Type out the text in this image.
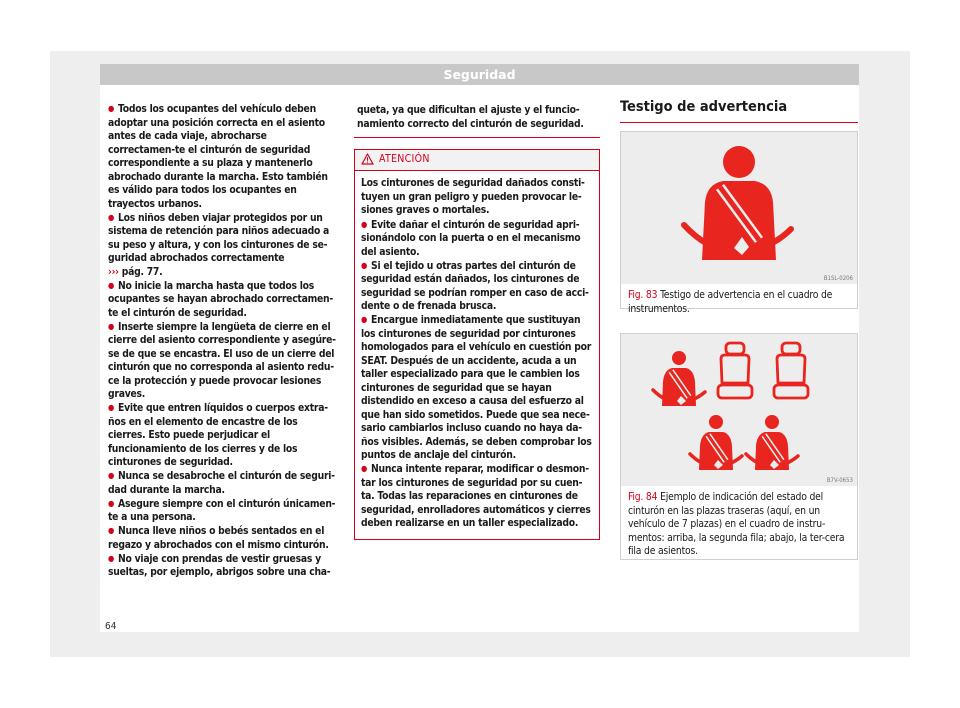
Seguridad
● Todos los ocupantes del vehículo deben adoptar una posición correcta en el asiento antes de cada viaje, abrocharse correctamen-te el cinturón de seguridad correspondiente a su plaza y mantenerlo abrochado durante la marcha. Esto también es válido para todos los ocupantes en trayectos urbanos.
● Los niños deben viajar protegidos por un sistema de retención para niños adecuado a su peso y altura, y con los cinturones de se-guridad abrochados correctamente
››› pág. 77.
● No inicie la marcha hasta que todos los ocupantes se hayan abrochado correctamen-te el cinturón de seguridad.
● Inserte siempre la lengüeta de cierre en el cierre del asiento correspondiente y asegúre-se de que se encastra. El uso de un cierre del cinturón que no corresponda al asiento redu-ce la protección y puede provocar lesiones graves.
● Evite que entren líquidos o cuerpos extra-ños en el elemento de encastre de los cierres. Esto puede perjudicar el funcionamiento de los cierres y de los cinturones de seguridad.
● Nunca se desabroche el cinturón de seguri-dad durante la marcha.
● Asegure siempre con el cinturón únicamen-te a una persona.
● Nunca lleve niños o bebés sentados en el regazo y abrochados con el mismo cinturón.
● No viaje con prendas de vestir gruesas y sueltas, por ejemplo, abrigos sobre una cha-
queta, ya que dificultan el ajuste y el funcio-namiento correcto del cinturón de seguridad.
ATENCIÓN

Los cinturones de seguridad dañados consti-tuyen un gran peligro y pueden provocar le-siones graves o mortales.

● Evite dañar el cinturón de seguridad apri-sionándolo con la puerta o en el mecanismo del asiento.
● Si el tejido u otras partes del cinturón de seguridad están dañados, los cinturones de seguridad se podrían romper en caso de acci-dente o de frenada brusca.
● Encargue inmediatamente que sustituyan los cinturones de seguridad por cinturones homologados para el vehículo en cuestión por SEAT. Después de un accidente, acuda a un taller especializado para que le cambien los cinturones de seguridad que se hayan distendido en exceso a causa del esfuerzo al que han sido sometidos. Puede que sea nece-sario cambiarlos incluso cuando no haya da-ños visibles. Además, se deben comprobar los puntos de anclaje del cinturón.
● Nunca intente reparar, modificar o desmon-tar los cinturones de seguridad por su cuen-ta. Todas las reparaciones en cinturones de seguridad, enrolladores automáticos y cierres deben realizarse en un taller especializado.
Testigo de advertencia
B1SL-0206
Fig. 83 Testigo de advertencia en el cuadro de instrumentos.
B7V-0653
Fig. 84 Ejemplo de indicación del estado del cinturón en las plazas traseras (aquí, en un vehículo de 7 plazas) en el cuadro de instru-mentos: arriba, la segunda fila; abajo, la ter-cera fila de asientos.
64
